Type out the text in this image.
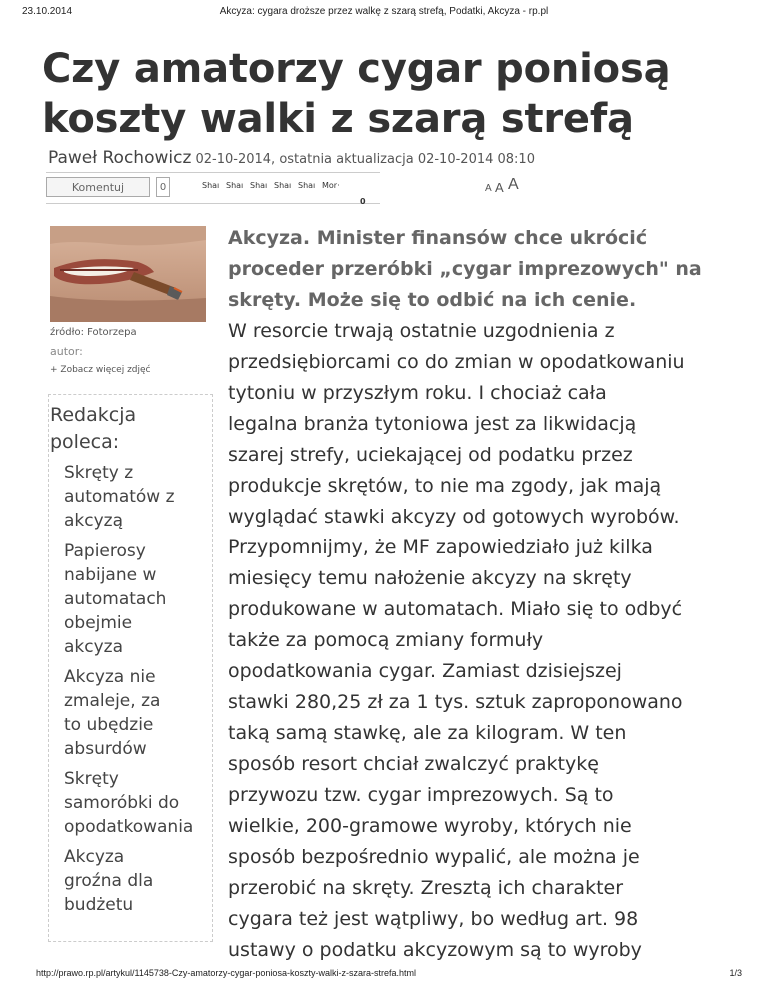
23.10.2014	Akcyza: cygara droższe przez walkę z szarą strefą, Podatki, Akcyza - rp.pl
Czy amatorzy cygar poniosą
koszty walki z szarą strefą
Paweł Rochowicz 02-10-2014, ostatnia aktualizacja 02-10-2014 08:10
Komentuj	0	Shaı Shaı Shaı Shaı Shaı Mor·	A A A
0
źródło: Fotorzepa
autor:
+ Zobacz więcej zdjęć
Redakcja
poleca:
Skręty z
automatów z
akcyzą
Papierosy
nabijane w
automatach
obejmie
akcyza
Akcyza nie
zmaleje, za
to ubędzie
absurdów
Skręty
samoróbki do
opodatkowania
Akcyza
groźna dla
budżetu

Akcyza. Minister finansów chce ukrócić
proceder przeróbki „cygar imprezowych" na
skręty. Może się to odbić na ich cenie.

W resorcie trwają ostatnie uzgodnienia z
przedsiębiorcami co do zmian w opodatkowaniu
tytoniu w przyszłym roku. I chociaż cała
legalna branża tytoniowa jest za likwidacją
szarej strefy, uciekającej od podatku przez
produkcje skrętów, to nie ma zgody, jak mają
wyglądać stawki akcyzy od gotowych wyrobów.

Przypomnijmy, że MF zapowiedziało już kilka
miesięcy temu nałożenie akcyzy na skręty
produkowane w automatach. Miało się to odbyć
także za pomocą zmiany formuły
opodatkowania cygar. Zamiast dzisiejszej
stawki 280,25 zł za 1 tys. sztuk zaproponowano
taką samą stawkę, ale za kilogram. W ten
sposób resort chciał zwalczyć praktykę
przywozu tzw. cygar imprezowych. Są to
wielkie, 200-gramowe wyroby, których nie
sposób bezpośrednio wypalić, ale można je
przerobić na skręty. Zresztą ich charakter
cygara też jest wątpliwy, bo według art. 98
ustawy o podatku akcyzowym są to wyroby

http://prawo.rp.pl/artykul/1145738-Czy-amatorzy-cygar-poniosa-koszty-walki-z-szara-strefa.html	1/3
